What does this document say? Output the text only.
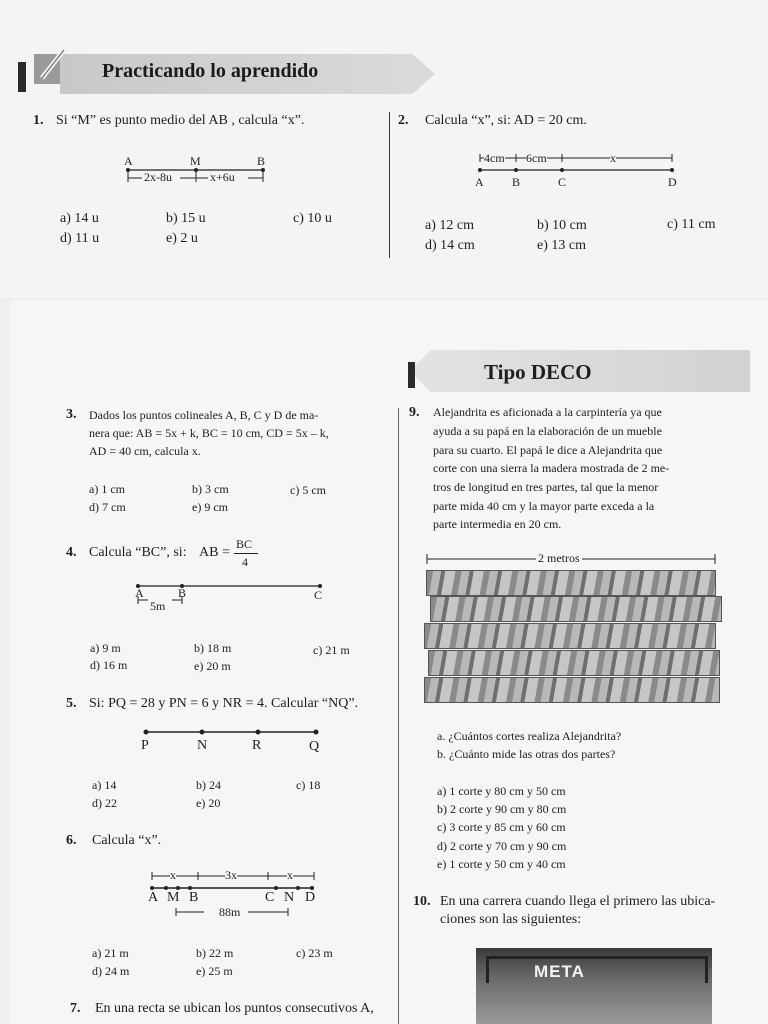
Practicando lo aprendido
1. Si “M” es punto medio del AB , calcula “x”.
A	M	B
2x-8u	x+6u
a) 14 u	b) 15 u	c) 10 u
d) 11 u	e) 2 u
2. Calcula “x”, si: AD = 20 cm.
4cm 6cm	x
A B	C	D
a) 12 cm	b) 10 cm	c) 11 cm
d) 14 cm	e) 13 cm
Tipo DECO
3. Dados los puntos colineales A, B, C y D de ma-
nera que: AB = 5x + k, BC = 10 cm, CD = 5x – k,
AD = 40 cm, calcula x.
a) 1 cm	b) 3 cm	c) 5 cm
d) 7 cm	e) 9 cm
4. Calcula “BC”, si: AB =
BC
4
A	B	C
5m
a) 9 m	b) 18 m	c) 21 m
d) 16 m	e) 20 m
5. Si: PQ = 28 y PN = 6 y NR = 4. Calcular “NQ”.
P	N	R	Q
a) 14	b) 24	c) 18
d) 22	e) 20
6. Calcula “x”.
x	3x	x
A M B	C N D
88m
a) 21 m	b) 22 m	c) 23 m
d) 24 m	e) 25 m
7. En una recta se ubican los puntos consecutivos A,
9. Alejandrita es aficionada a la carpintería ya que
ayuda a su papá en la elaboración de un mueble
para su cuarto. El papá le dice a Alejandrita que
corte con una sierra la madera mostrada de 2 me-
tros de longitud en tres partes, tal que la menor
parte mida 40 cm y la mayor parte exceda a la
parte intermedia en 20 cm.
2 metros
a. ¿Cuántos cortes realiza Alejandrita?
b. ¿Cuánto mide las otras dos partes?
a) 1 corte y 80 cm y 50 cm
b) 2 corte y 90 cm y 80 cm
c) 3 corte y 85 cm y 60 cm
d) 2 corte y 70 cm y 90 cm
e) 1 corte y 50 cm y 40 cm
10. En una carrera cuando llega el primero las ubica-
ciones son las siguientes:
META
